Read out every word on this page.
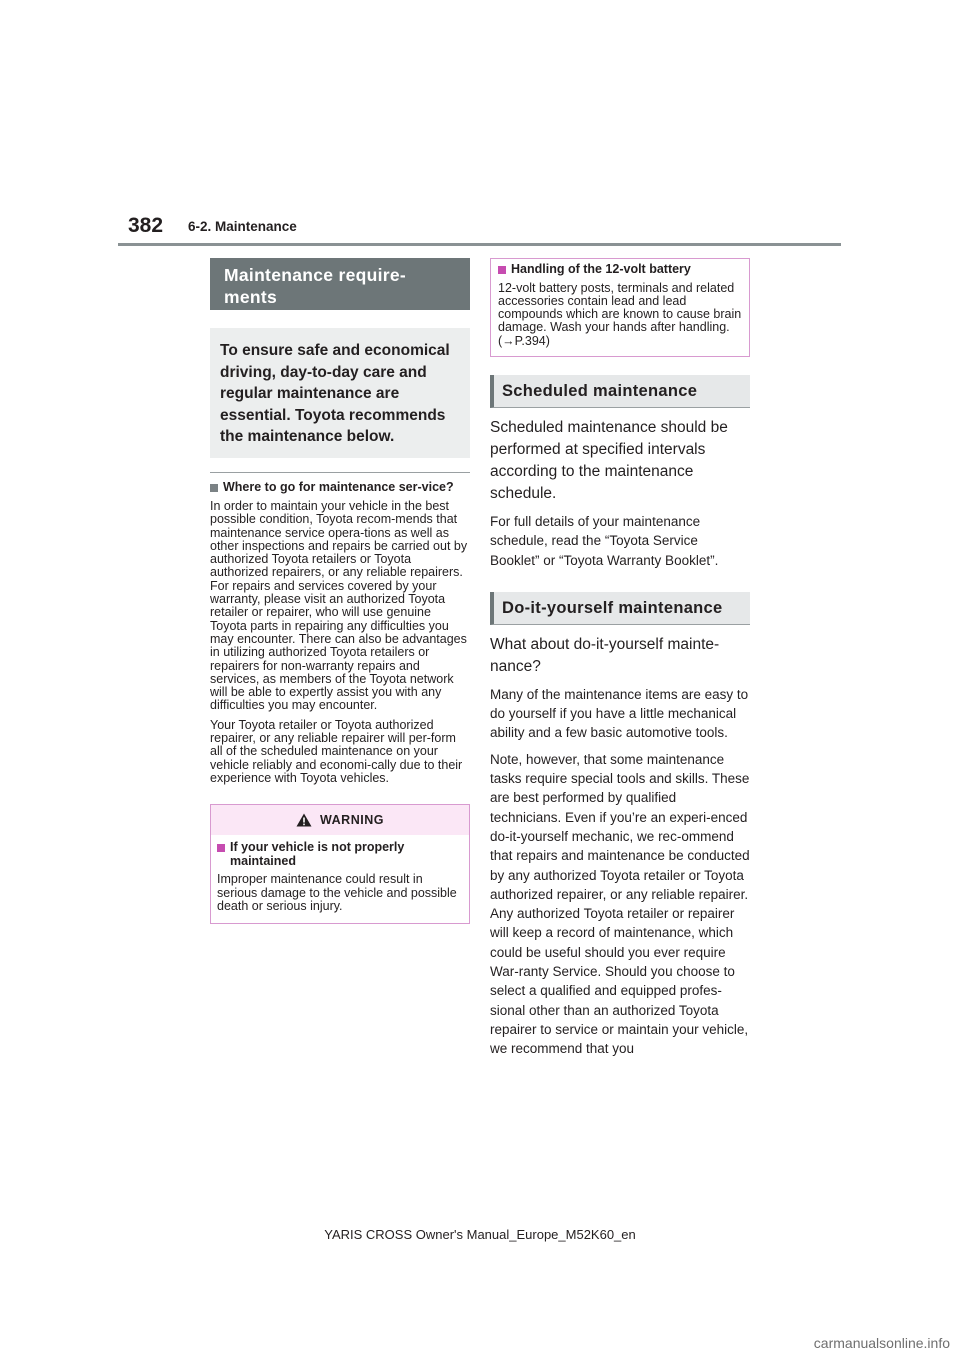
382 6-2. Maintenance
Maintenance require-ments
To ensure safe and economical driving, day-to-day care and regular maintenance are essential. Toyota recommends the maintenance below.
Where to go for maintenance ser-vice?
In order to maintain your vehicle in the best possible condition, Toyota recom-mends that maintenance service opera-tions as well as other inspections and repairs be carried out by authorized Toyota retailers or Toyota authorized repairers, or any reliable repairers. For repairs and services covered by your warranty, please visit an authorized Toyota retailer or repairer, who will use genuine Toyota parts in repairing any difficulties you may encounter. There can also be advantages in utilizing authorized Toyota retailers or repairers for non-warranty repairs and services, as members of the Toyota network will be able to expertly assist you with any difficulties you may encounter.
Your Toyota retailer or Toyota authorized repairer, or any reliable repairer will per-form all of the scheduled maintenance on your vehicle reliably and economi-cally due to their experience with Toyota vehicles.
WARNING
If your vehicle is not properly maintained
Improper maintenance could result in serious damage to the vehicle and possible death or serious injury.
Handling of the 12-volt battery
12-volt battery posts, terminals and related accessories contain lead and lead compounds which are known to cause brain damage. Wash your hands after handling. (→P.394)
Scheduled maintenance
Scheduled maintenance should be performed at specified intervals according to the maintenance schedule.
For full details of your maintenance schedule, read the “Toyota Service Booklet” or “Toyota Warranty Booklet”.
Do-it-yourself maintenance
What about do-it-yourself mainte-nance?
Many of the maintenance items are easy to do yourself if you have a little mechanical ability and a few basic automotive tools.
Note, however, that some maintenance tasks require special tools and skills. These are best performed by qualified technicians. Even if you’re an experi-enced do-it-yourself mechanic, we rec-ommend that repairs and maintenance be conducted by any authorized Toyota retailer or Toyota authorized repairer, or any reliable repairer. Any authorized Toyota retailer or repairer will keep a record of maintenance, which could be useful should you ever require War-ranty Service. Should you choose to select a qualified and equipped profes-sional other than an authorized Toyota repairer to service or maintain your vehicle, we recommend that you
YARIS CROSS Owner's Manual_Europe_M52K60_en
carmanualsonline.info
